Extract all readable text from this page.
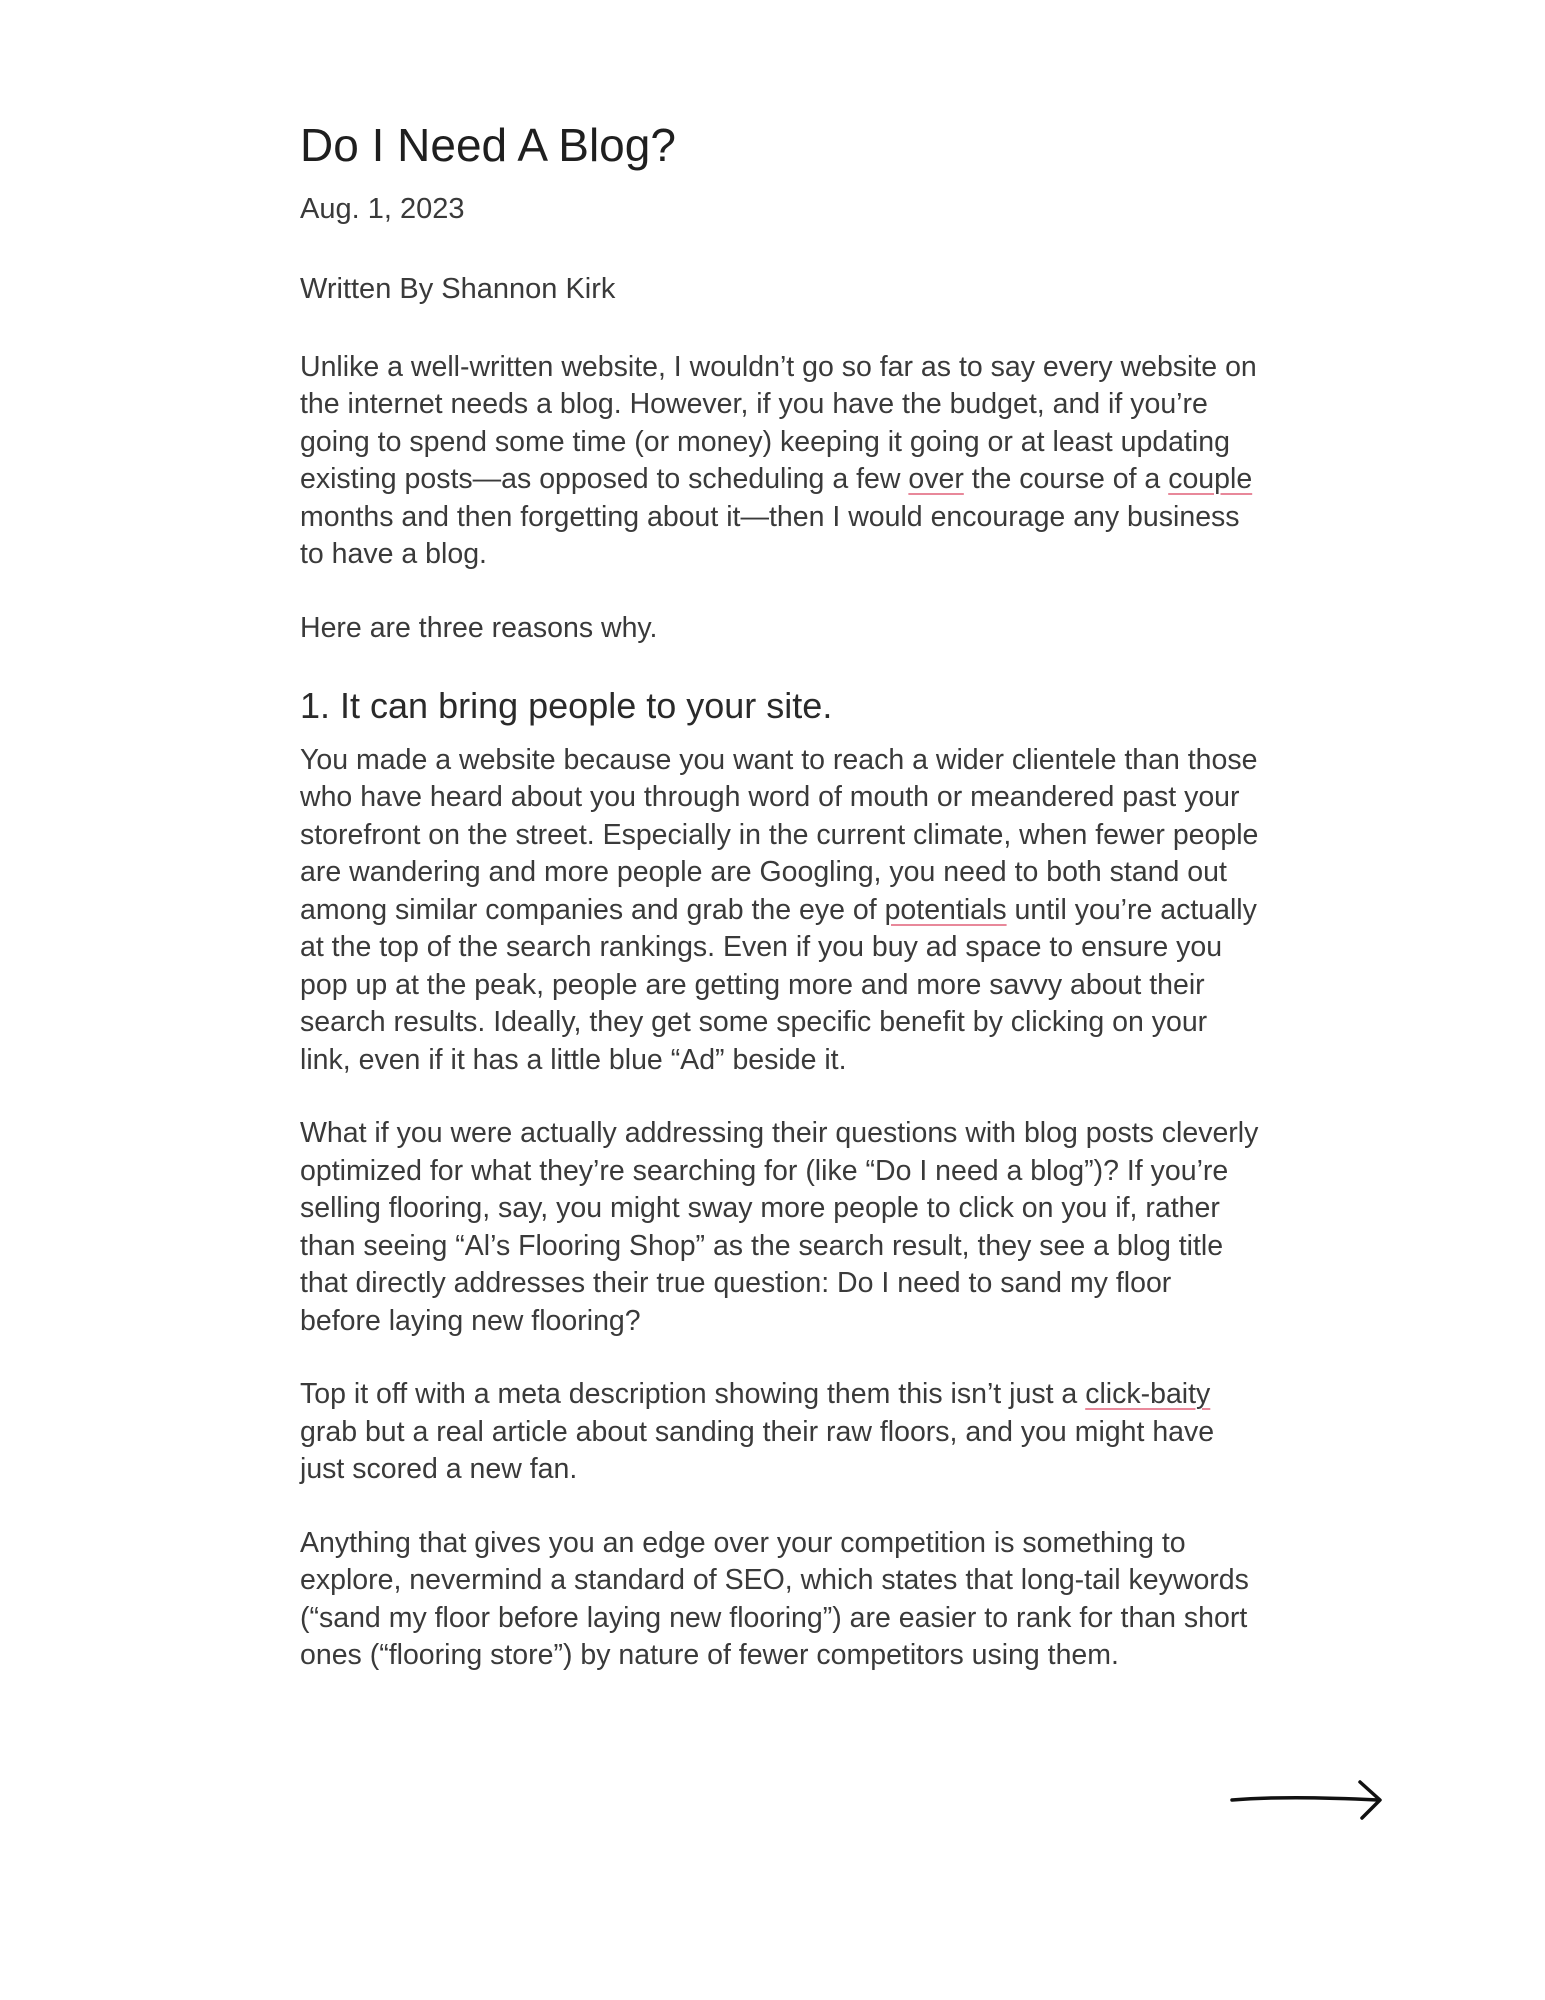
Do I Need A Blog?
Aug. 1, 2023
Written By Shannon Kirk

Unlike a well-written website, I wouldn’t go so far as to say every website on the internet needs a blog. However, if you have the budget, and if you’re going to spend some time (or money) keeping it going or at least updating existing posts—as opposed to scheduling a few over the course of a couple months and then forgetting about it—then I would encourage any business to have a blog.

Here are three reasons why.

1. It can bring people to your site.

You made a website because you want to reach a wider clientele than those who have heard about you through word of mouth or meandered past your storefront on the street. Especially in the current climate, when fewer people are wandering and more people are Googling, you need to both stand out among similar companies and grab the eye of potentials until you’re actually at the top of the search rankings. Even if you buy ad space to ensure you pop up at the peak, people are getting more and more savvy about their search results. Ideally, they get some specific benefit by clicking on your link, even if it has a little blue “Ad” beside it.

What if you were actually addressing their questions with blog posts cleverly optimized for what they’re searching for (like “Do I need a blog”)? If you’re selling flooring, say, you might sway more people to click on you if, rather than seeing “Al’s Flooring Shop” as the search result, they see a blog title that directly addresses their true question: Do I need to sand my floor before laying new flooring?

Top it off with a meta description showing them this isn’t just a click-baity grab but a real article about sanding their raw floors, and you might have just scored a new fan.

Anything that gives you an edge over your competition is something to explore, nevermind a standard of SEO, which states that long-tail keywords (“sand my floor before laying new flooring”) are easier to rank for than short ones (“flooring store”) by nature of fewer competitors using them.
